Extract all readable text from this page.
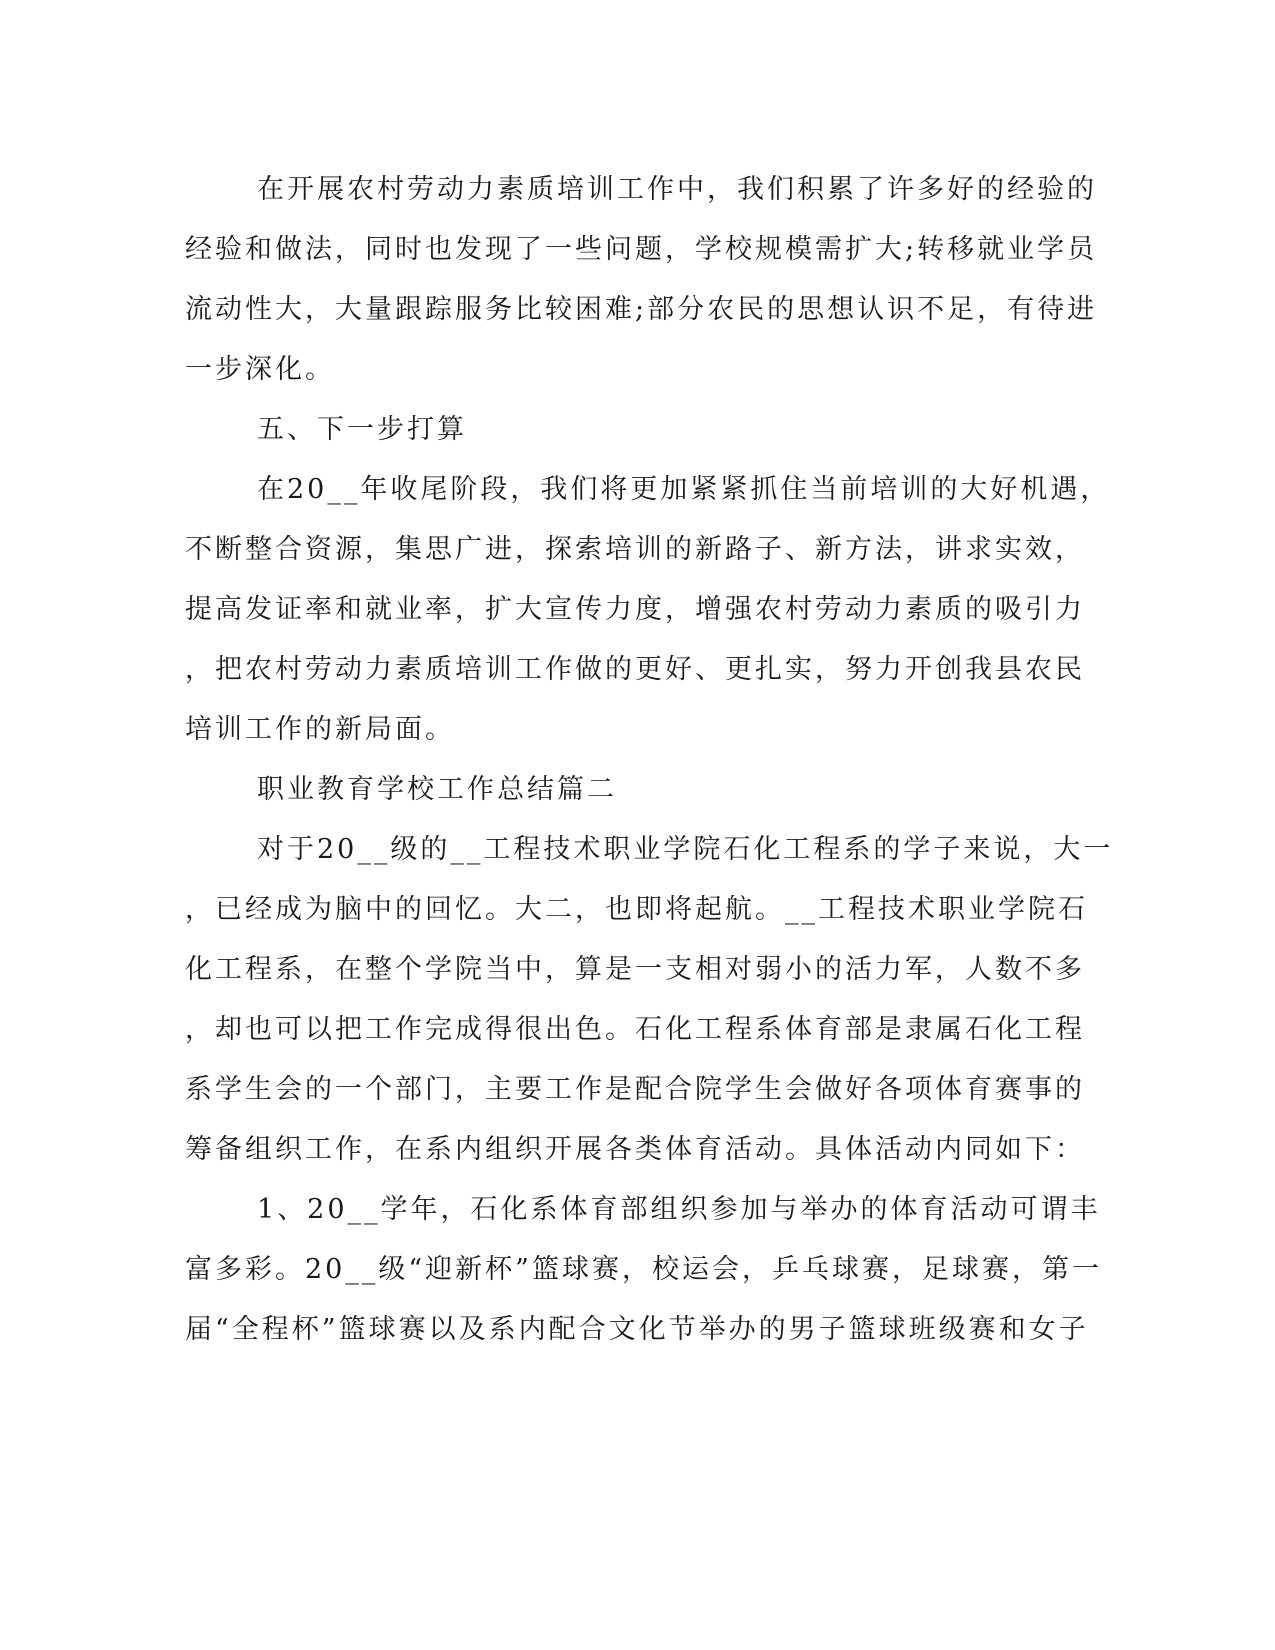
在开展农村劳动力素质培训工作中，我们积累了许多好的经验的
经验和做法，同时也发现了一些问题，学校规模需扩大;转移就业学员
流动性大，大量跟踪服务比较困难;部分农民的思想认识不足，有待进
一步深化。
五、下一步打算
在20__年收尾阶段，我们将更加紧紧抓住当前培训的大好机遇，
不断整合资源，集思广进，探索培训的新路子、新方法，讲求实效，
提高发证率和就业率，扩大宣传力度，增强农村劳动力素质的吸引力
，把农村劳动力素质培训工作做的更好、更扎实，努力开创我县农民
培训工作的新局面。
职业教育学校工作总结篇二
对于20__级的__工程技术职业学院石化工程系的学子来说，大一
，已经成为脑中的回忆。大二，也即将起航。__工程技术职业学院石
化工程系，在整个学院当中，算是一支相对弱小的活力军，人数不多
，却也可以把工作完成得很出色。石化工程系体育部是隶属石化工程
系学生会的一个部门，主要工作是配合院学生会做好各项体育赛事的
筹备组织工作，在系内组织开展各类体育活动。具体活动内同如下：
1、20__学年，石化系体育部组织参加与举办的体育活动可谓丰
富多彩。20__级“迎新杯”篮球赛，校运会，乒乓球赛，足球赛，第一
届“全程杯”篮球赛以及系内配合文化节举办的男子篮球班级赛和女子
